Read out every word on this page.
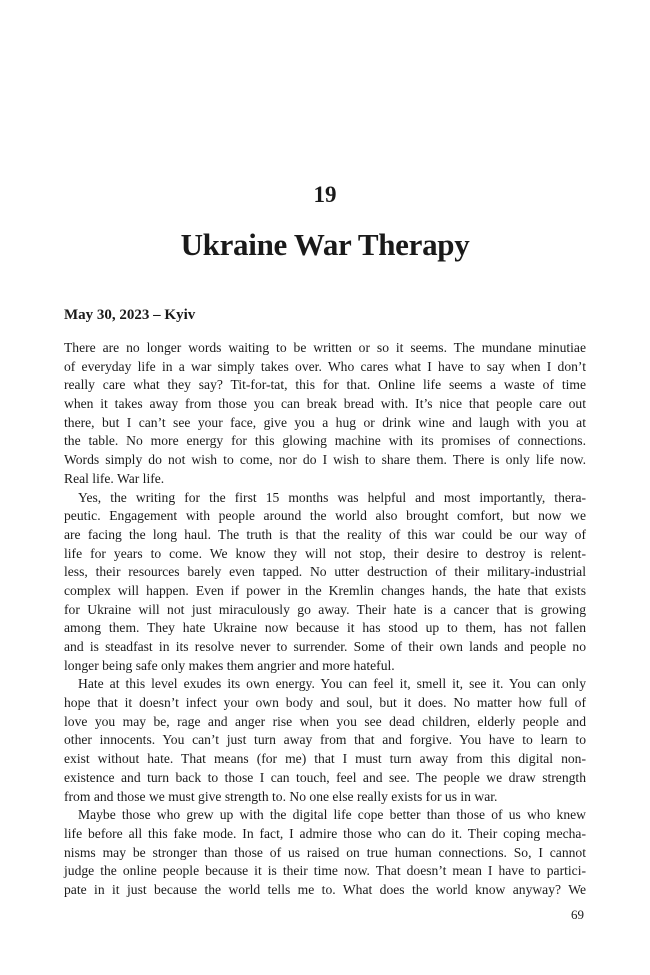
19
Ukraine War Therapy
May 30, 2023 – Kyiv
There are no longer words waiting to be written or so it seems. The mundane minutiae
of everyday life in a war simply takes over. Who cares what I have to say when I don’t
really care what they say? Tit-for-tat, this for that. Online life seems a waste of time
when it takes away from those you can break bread with. It’s nice that people care out
there, but I can’t see your face, give you a hug or drink wine and laugh with you at
the table. No more energy for this glowing machine with its promises of connections.
Words simply do not wish to come, nor do I wish to share them. There is only life now.
Real life. War life.
Yes, the writing for the first 15 months was helpful and most importantly, thera-
peutic. Engagement with people around the world also brought comfort, but now we
are facing the long haul. The truth is that the reality of this war could be our way of
life for years to come. We know they will not stop, their desire to destroy is relent-
less, their resources barely even tapped. No utter destruction of their military-industrial
complex will happen. Even if power in the Kremlin changes hands, the hate that exists
for Ukraine will not just miraculously go away. Their hate is a cancer that is growing
among them. They hate Ukraine now because it has stood up to them, has not fallen
and is steadfast in its resolve never to surrender. Some of their own lands and people no
longer being safe only makes them angrier and more hateful.
Hate at this level exudes its own energy. You can feel it, smell it, see it. You can only
hope that it doesn’t infect your own body and soul, but it does. No matter how full of
love you may be, rage and anger rise when you see dead children, elderly people and
other innocents. You can’t just turn away from that and forgive. You have to learn to
exist without hate. That means (for me) that I must turn away from this digital non-
existence and turn back to those I can touch, feel and see. The people we draw strength
from and those we must give strength to. No one else really exists for us in war.
Maybe those who grew up with the digital life cope better than those of us who knew
life before all this fake mode. In fact, I admire those who can do it. Their coping mecha-
nisms may be stronger than those of us raised on true human connections. So, I cannot
judge the online people because it is their time now. That doesn’t mean I have to partici-
pate in it just because the world tells me to. What does the world know anyway? We
69
